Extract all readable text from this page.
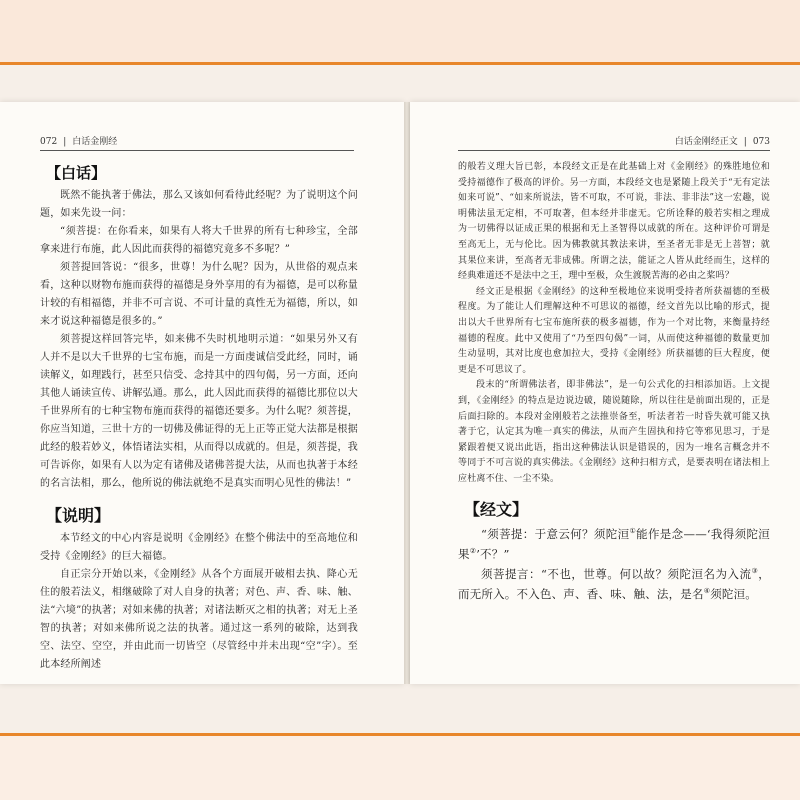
072 | 白话金刚经	白话金刚经正文 | 073
【白话】

既然不能执著于佛法，那么又该如何看待此经呢？为了说明这个问题，如来先设一问：

“须菩提：在你看来，如果有人将大千世界的所有七种珍宝，全部拿来进行布施，此人因此而获得的福德究竟多不多呢？”

须菩提回答说：“很多，世尊！为什么呢？因为，从世俗的观点来看，这种以财物布施而获得的福德是身外享用的有为福德，是可以称量计较的有相福德，并非不可言说、不可计量的真性无为福德，所以，如来才说这种福德是很多的。”

须菩提这样回答完毕，如来佛不失时机地明示道：“如果另外又有人并不是以大千世界的七宝布施，而是一方面虔诚信受此经，同时，诵读解义，如理践行，甚至只信受、念持其中的四句偈，另一方面，还向其他人诵读宣传、讲解弘通。那么，此人因此而获得的福德比那位以大千世界所有的七种宝物布施而获得的福德还要多。为什么呢？须菩提，你应当知道，三世十方的一切佛及佛证得的无上正等正觉大法都是根据此经的般若妙义，体悟诸法实相，从而得以成就的。但是，须菩提，我可告诉你，如果有人以为定有诸佛及诸佛菩提大法，从而也执著于本经的名言法相，那么，他所说的佛法就绝不是真实而明心见性的佛法！”

【说明】

本节经文的中心内容是说明《金刚经》在整个佛法中的至高地位和受持《金刚经》的巨大福德。

自正宗分开始以来，《金刚经》从各个方面展开破相去执、降心无住的般若法义，相继破除了对人自身的执著；对色、声、香、味、触、法“六境”的执著；对如来佛的执著；对诸法断灭之相的执著；对无上圣智的执著；对如来佛所说之法的执著。通过这一系列的破除，达到我空、法空、空空，并由此而一切皆空（尽管经中并未出现“空”字）。至此本经所阐述

的般若义理大旨已彰，本段经文正是在此基础上对《金刚经》的殊胜地位和受持福德作了极高的评价。另一方面，本段经文也是紧随上段关于“无有定法如来可说”、“如来所说法，皆不可取，不可说，非法、非非法”这一宏趣，说明佛法虽无定相，不可取著，但本经并非虚无。它所诠释的般若实相之理成为一切佛得以证成正果的根据和无上圣智得以成就的所在。这种评价可谓是至高无上，无与伦比。因为佛教就其教法来讲，至圣者无非是无上菩智；就其果位来讲，至高者无非成佛。所谓之法，能证之人皆从此经而生，这样的经典难道还不是法中之王，理中至极，众生渡脱苦海的必由之桨吗？

经文正是根据《金刚经》的这种至极地位来说明受持者所获福德的至极程度。为了能让人们理解这种不可思议的福德，经文首先以比喻的形式，提出以大千世界所有七宝布施所获的极多福德，作为一个对比物，来衡量持经福德的程度。此中又使用了“乃至四句偈”一词，从而使这种福德的数量更加生动显明，其对比度也愈加拉大，受持《金刚经》所获福德的巨大程度，便更是不可思议了。

段末的“所谓佛法者，即非佛法”，是一句公式化的扫相添加语。上文提到，《金刚经》的特点是边说边破，随说随除，所以往往是前面出现的，正是后面扫除的。本段对金刚般若之法推崇备至，听法者若一时昏失就可能又执著于它，认定其为唯一真实的佛法，从而产生固执和持它等邪见思习，于是紧跟着便又说出此语，指出这种佛法认识是错误的，因为一堆名言概念并不等同于不可言说的真实佛法。《金刚经》这种扫相方式，是要表明在诸法相上应杜离不住、一尘不染。

【经文】

“须菩提：于意云何？须陀洹①能作是念——‘我得须陀洹果②’不？”

须菩提言：“不也，世尊。何以故？须陀洹名为入流③，而无所入。不入色、声、香、味、触、法，是名④须陀洹。
